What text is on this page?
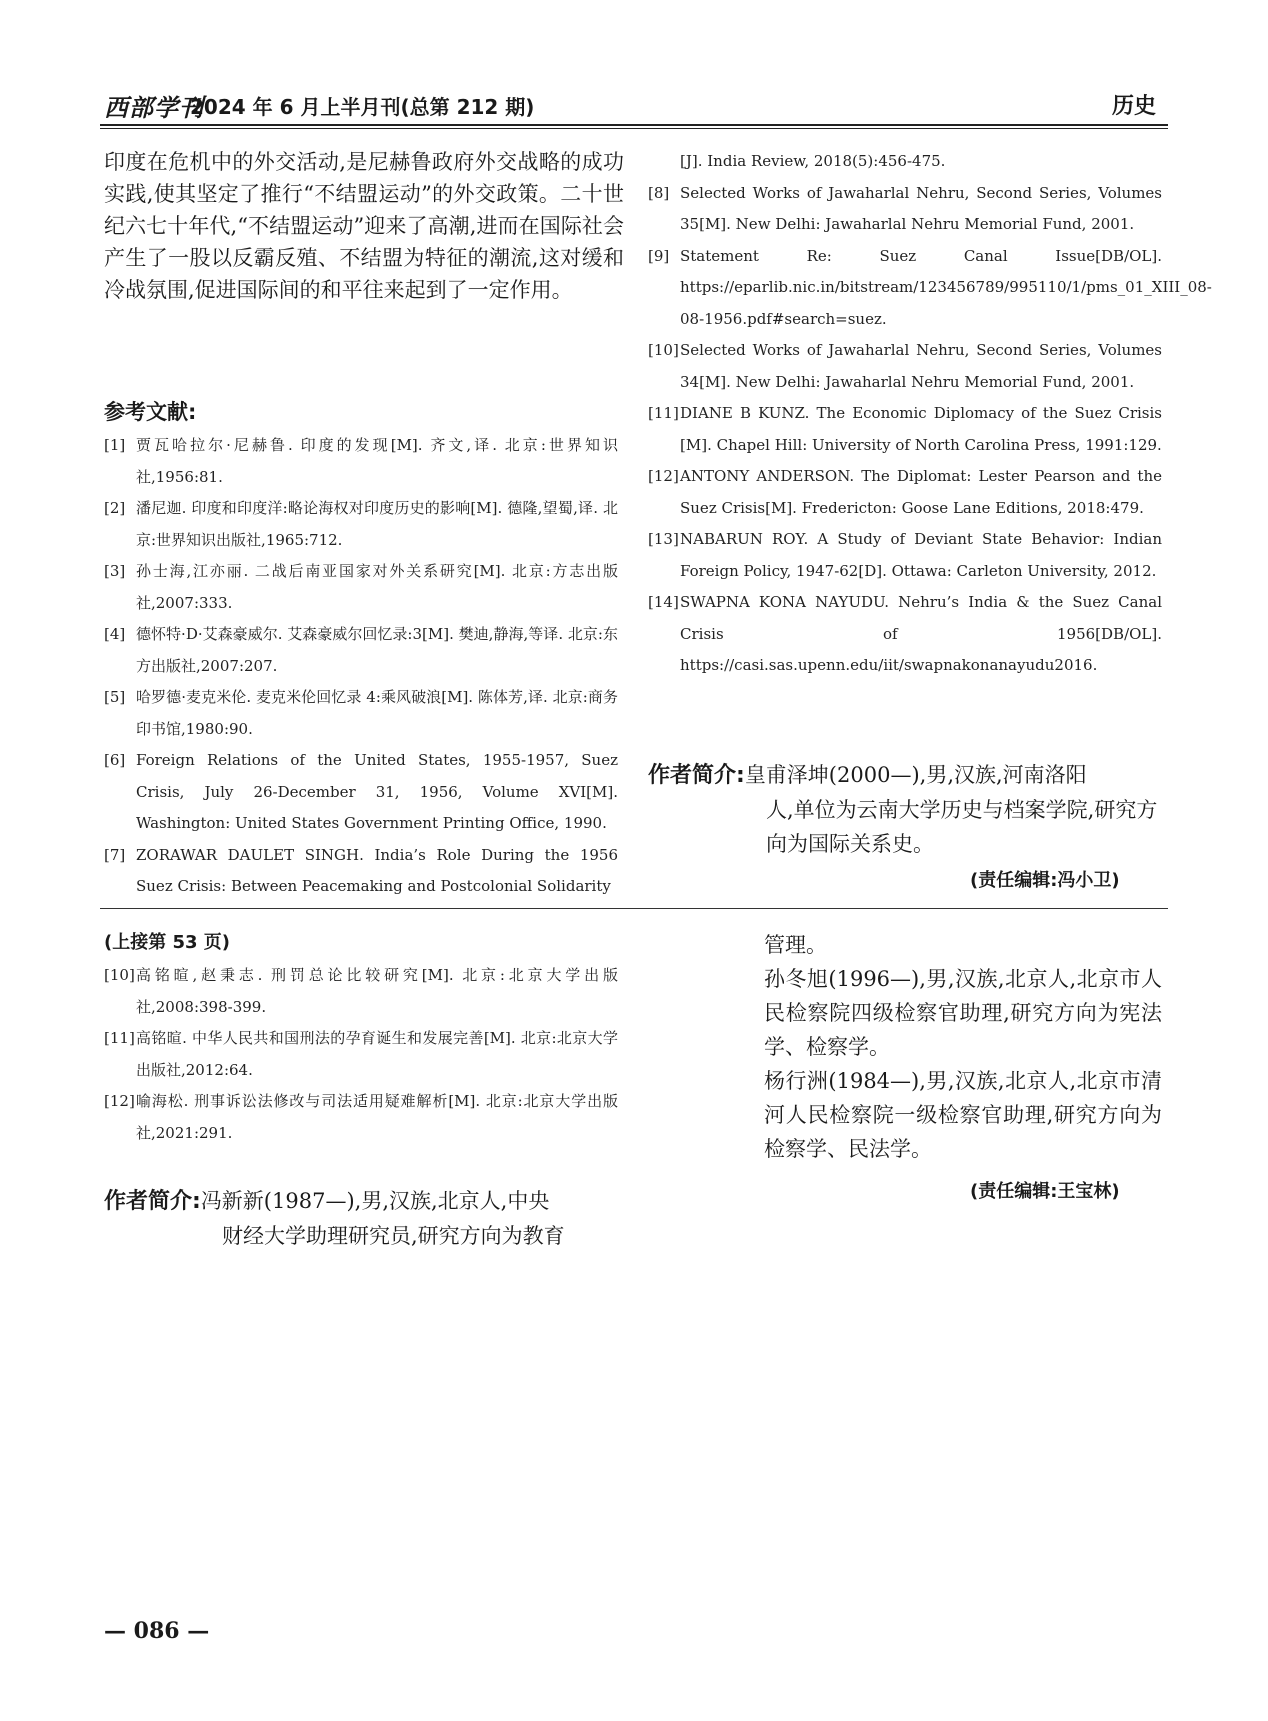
西部学刊
2024 年 6 月上半月刊(总第 212 期)	历史

印度在危机中的外交活动,是尼赫鲁政府外交战略的成功实践,使其坚定了推行“不结盟运动”的外交政策。二十世纪六七十年代,“不结盟运动”迎来了高潮,进而在国际社会产生了一股以反霸反殖、不结盟为特征的潮流,这对缓和冷战氛围,促进国际间的和平往来起到了一定作用。

参考文献:
[1] 贾瓦哈拉尔·尼赫鲁. 印度的发现[M]. 齐文,译. 北京:世界知识社,1956:81.
[2] 潘尼迦. 印度和印度洋:略论海权对印度历史的影响[M]. 德隆,望蜀,译. 北京:世界知识出版社,1965:712.
[3] 孙士海,江亦丽. 二战后南亚国家对外关系研究[M]. 北京:方志出版社,2007:333.
[4] 德怀特·D·艾森豪威尔. 艾森豪威尔回忆录:3[M]. 樊迪,静海,等译. 北京:东方出版社,2007:207.
[5] 哈罗德·麦克米伦. 麦克米伦回忆录 4:乘风破浪[M]. 陈体芳,译. 北京:商务印书馆,1980:90.
[6] Foreign Relations of the United States, 1955-1957, Suez Crisis, July 26-December 31, 1956, Volume XVI[M]. Washington: United States Government Printing Office, 1990.
[7] ZORAWAR DAULET SINGH. India’s Role During the 1956 Suez Crisis: Between Peacemaking and Postcolonial Solidarity
[J]. India Review, 2018(5):456-475.
[8] Selected Works of Jawaharlal Nehru, Second Series, Volumes 35[M]. New Delhi: Jawaharlal Nehru Memorial Fund, 2001.
[9] Statement Re: Suez Canal Issue[DB/OL]. https://eparlib.nic.in/bitstream/123456789/995110/1/pms_01_XIII_08-08-1956.pdf#search=suez.
[10] Selected Works of Jawaharlal Nehru, Second Series, Volumes 34[M]. New Delhi: Jawaharlal Nehru Memorial Fund, 2001.
[11] DIANE B KUNZ. The Economic Diplomacy of the Suez Crisis [M]. Chapel Hill: University of North Carolina Press, 1991:129.
[12] ANTONY ANDERSON. The Diplomat: Lester Pearson and the Suez Crisis[M]. Fredericton: Goose Lane Editions, 2018:479.
[13] NABARUN ROY. A Study of Deviant State Behavior: Indian Foreign Policy, 1947-62[D]. Ottawa: Carleton University, 2012.
[14] SWAPNA KONA NAYUDU. Nehru’s India & the Suez Canal Crisis of 1956[DB/OL]. https://casi.sas.upenn.edu/iit/swapnakonanayudu2016.
作者简介:皇甫泽坤(2000—),男,汉族,河南洛阳
人,单位为云南大学历史与档案学院,研究方向为国际关系史。
(责任编辑:冯小卫)
(上接第 53 页)
[10] 高铭暄,赵秉志. 刑罚总论比较研究[M]. 北京:北京大学出版社,2008:398-399.
[11] 高铭暄. 中华人民共和国刑法的孕育诞生和发展完善[M]. 北京:北京大学出版社,2012:64.
[12] 喻海松. 刑事诉讼法修改与司法适用疑难解析[M]. 北京:北京大学出版社,2021:291.
作者简介:冯新新(1987—),男,汉族,北京人,中央
财经大学助理研究员,研究方向为教育

管理。

孙冬旭(1996—),男,汉族,北京人,北京市人民检察院四级检察官助理,研究方向为宪法学、检察学。

杨行洲(1984—),男,汉族,北京人,北京市清河人民检察院一级检察官助理,研究方向为检察学、民法学。

(责任编辑:王宝林)
— 086 —
